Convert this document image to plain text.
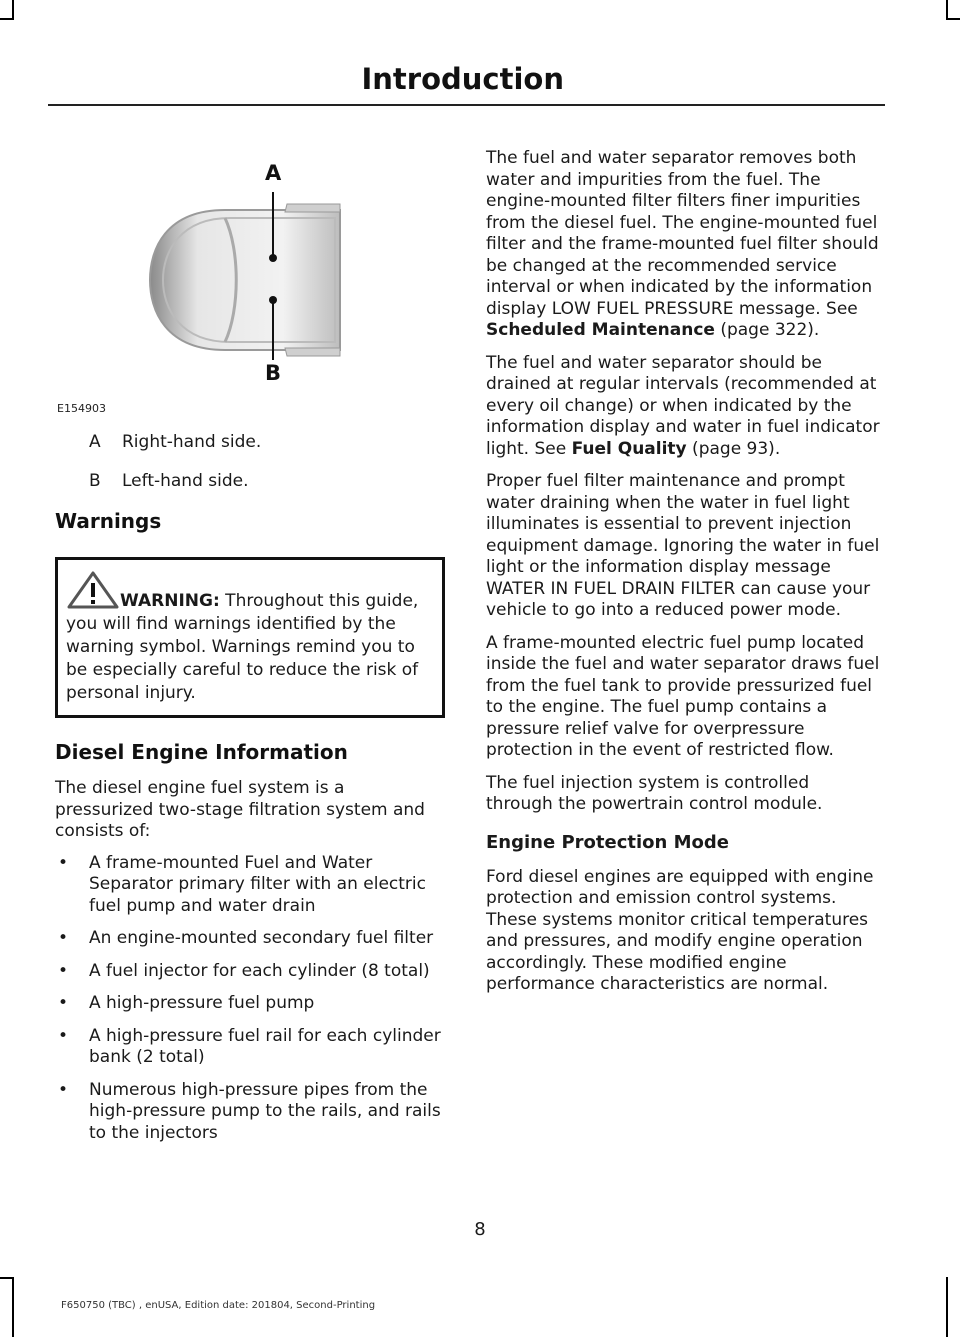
Introduction
A
B
E154903
A	Right-hand side.
B	Left-hand side.
Warnings
WARNING: Throughout this guide, you will find warnings identified by the warning symbol. Warnings remind you to be especially careful to reduce the risk of personal injury.
Diesel Engine Information

The diesel engine fuel system is a pressurized two-stage filtration system and consists of:

• A frame-mounted Fuel and Water Separator primary filter with an electric fuel pump and water drain
• An engine-mounted secondary fuel filter
• A fuel injector for each cylinder (8 total)
• A high-pressure fuel pump
• A high-pressure fuel rail for each cylinder bank (2 total)
• Numerous high-pressure pipes from the high-pressure pump to the rails, and rails to the injectors

The fuel and water separator removes both water and impurities from the fuel. The engine-mounted filter filters finer impurities from the diesel fuel. The engine-mounted fuel filter and the frame-mounted fuel filter should be changed at the recommended service interval or when indicated by the information display LOW FUEL PRESSURE message. See Scheduled Maintenance (page 322).

The fuel and water separator should be drained at regular intervals (recommended at every oil change) or when indicated by the information display and water in fuel indicator light. See Fuel Quality (page 93).

Proper fuel filter maintenance and prompt water draining when the water in fuel light illuminates is essential to prevent injection equipment damage. Ignoring the water in fuel light or the information display message WATER IN FUEL DRAIN FILTER can cause your vehicle to go into a reduced power mode.

A frame-mounted electric fuel pump located inside the fuel and water separator draws fuel from the fuel tank to provide pressurized fuel to the engine. The fuel pump contains a pressure relief valve for overpressure protection in the event of restricted flow.

The fuel injection system is controlled through the powertrain control module.

Engine Protection Mode

Ford diesel engines are equipped with engine protection and emission control systems. These systems monitor critical temperatures and pressures, and modify engine operation accordingly. These modified engine performance characteristics are normal.

8
F650750 (TBC) , enUSA, Edition date: 201804, Second-Printing
